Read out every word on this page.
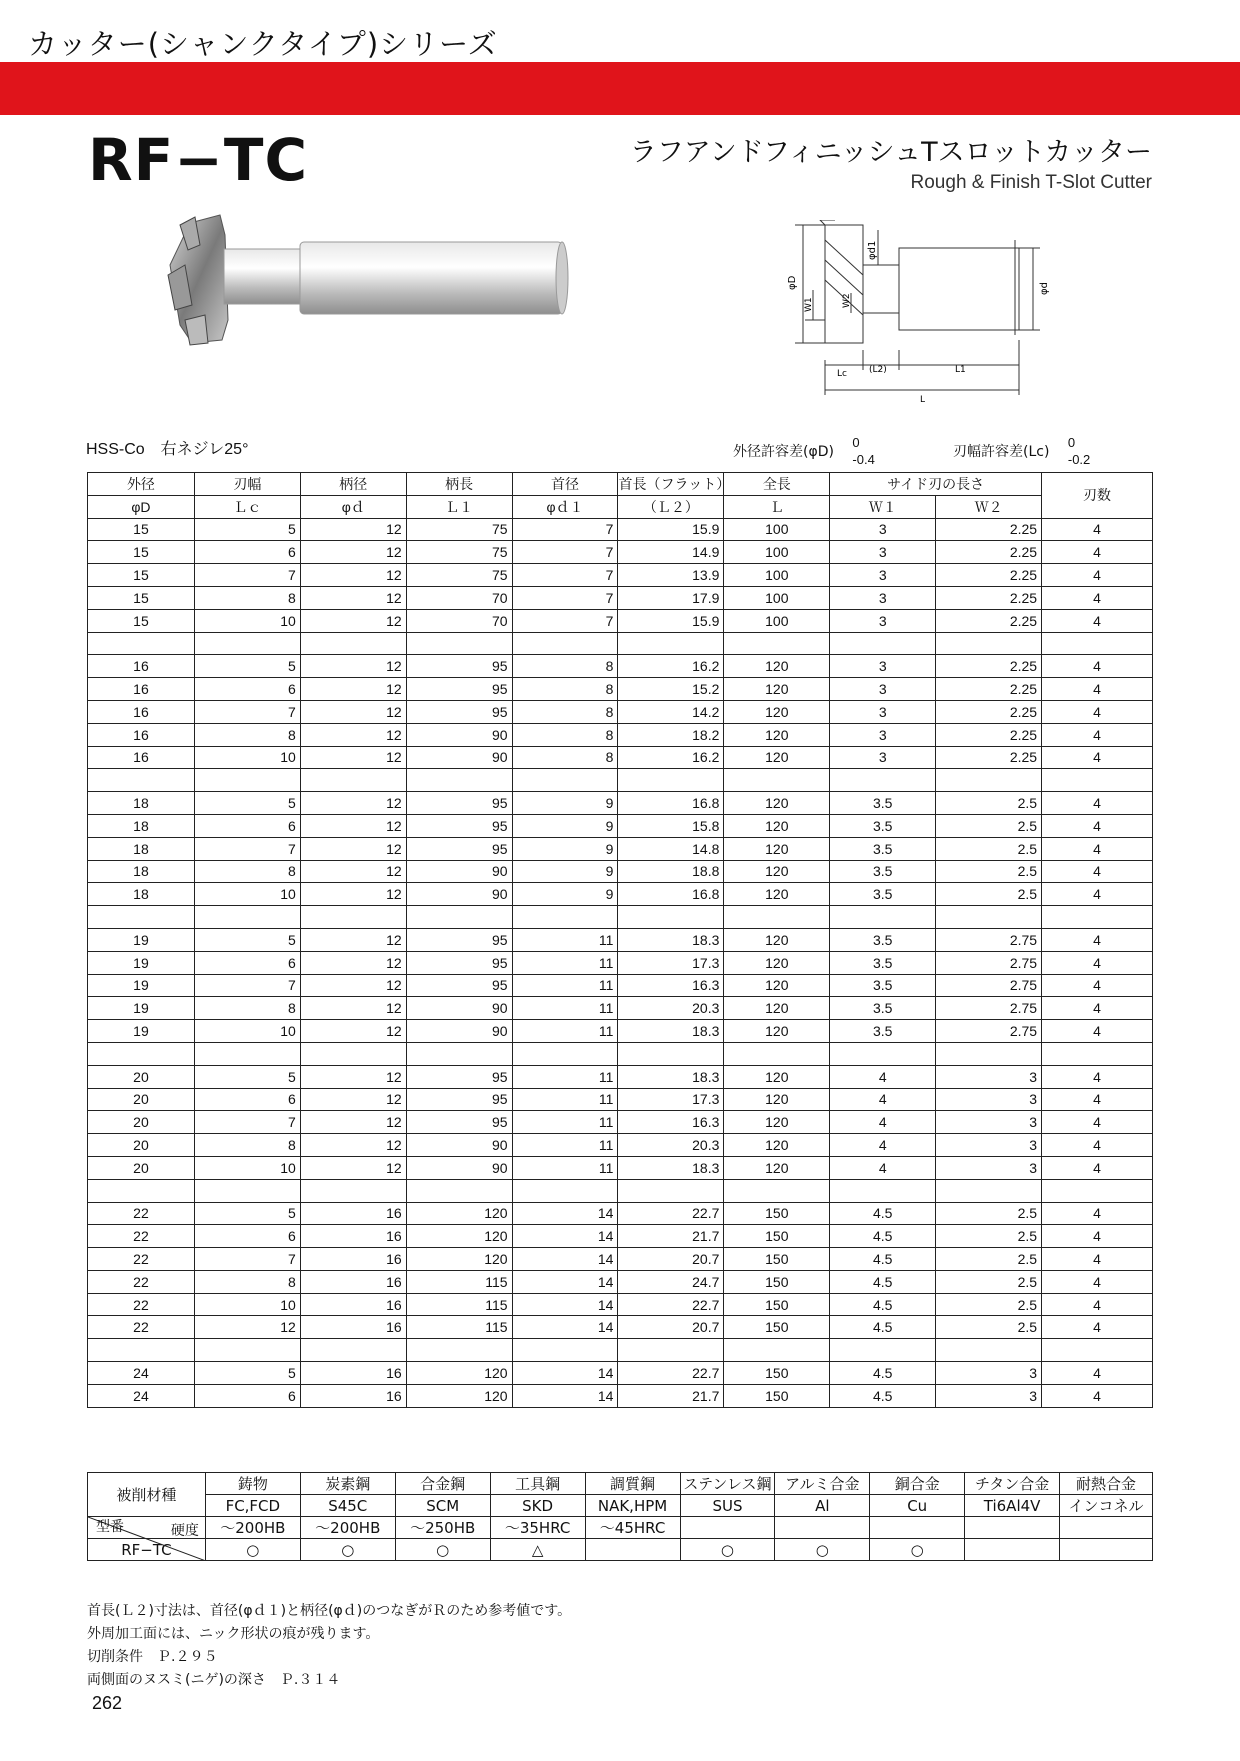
カッター(シャンクタイプ)シリーズ
RF−TC	ラフアンドフィニッシュTスロットカッター
Rough & Finish T-Slot Cutter
φD
φd1
φd
W1	W2
Lc (L2)	L1
L
HSS-Co　右ネジレ25°	外径許容差(φD) 0
-0.4	刃幅許容差(Lc) 0
-0.2
外径	刃幅	柄径	柄長	首径	首長（フラット）	全長	サイド刃の長さ		刃数
φD	Ｌｃ	φｄ	Ｌ１	φｄ１	（Ｌ２）	Ｌ	Ｗ１	Ｗ２	
15	5	12	75	7	15.9	100	3	2.25	4
15	6	12	75	7	14.9	100	3	2.25	4
15	7	12	75	7	13.9	100	3	2.25	4
15	8	12	70	7	17.9	100	3	2.25	4
15	10	12	70	7	15.9	100	3	2.25	4

16	5	12	95	8	16.2	120	3	2.25	4
16	6	12	95	8	15.2	120	3	2.25	4
16	7	12	95	8	14.2	120	3	2.25	4
16	8	12	90	8	18.2	120	3	2.25	4
16	10	12	90	8	16.2	120	3	2.25	4

18	5	12	95	9	16.8	120	3.5	2.5	4
18	6	12	95	9	15.8	120	3.5	2.5	4
18	7	12	95	9	14.8	120	3.5	2.5	4
18	8	12	90	9	18.8	120	3.5	2.5	4
18	10	12	90	9	16.8	120	3.5	2.5	4

19	5	12	95	11	18.3	120	3.5	2.75	4
19	6	12	95	11	17.3	120	3.5	2.75	4
19	7	12	95	11	16.3	120	3.5	2.75	4
19	8	12	90	11	20.3	120	3.5	2.75	4
19	10	12	90	11	18.3	120	3.5	2.75	4

20	5	12	95	11	18.3	120	4	3	4
20	6	12	95	11	17.3	120	4	3	4
20	7	12	95	11	16.3	120	4	3	4
20	8	12	90	11	20.3	120	4	3	4
20	10	12	90	11	18.3	120	4	3	4

22	5	16	120	14	22.7	150	4.5	2.5	4
22	6	16	120	14	21.7	150	4.5	2.5	4
22	7	16	120	14	20.7	150	4.5	2.5	4
22	8	16	115	14	24.7	150	4.5	2.5	4
22	10	16	115	14	22.7	150	4.5	2.5	4
22	12	16	115	14	20.7	150	4.5	2.5	4

24	5	16	120	14	22.7	150	4.5	3	4
24	6	16	120	14	21.7	150	4.5	3	4
被削材種	鋳物	炭素鋼	合金鋼	工具鋼	調質鋼	ステンレス鋼	アルミ合金	銅合金	チタン合金	耐熱合金
	FC,FCD	S45C	SCM	SKD	NAK,HPM	SUS	Al	Cu	Ti6Al4V	インコネル

硬度
型番	～200HB	～200HB	～250HB	～35HRC	～45HRC					
RF−TC	○	○	○	△		○	○	○		
首長(Ｌ２)寸法は、首径(φｄ１)と柄径(φｄ)のつなぎがＲのため参考値です。
外周加工面には、ニック形状の痕が残ります。
切削条件　Ｐ.２９５
両側面のヌスミ(ニゲ)の深さ　Ｐ.３１４
262
